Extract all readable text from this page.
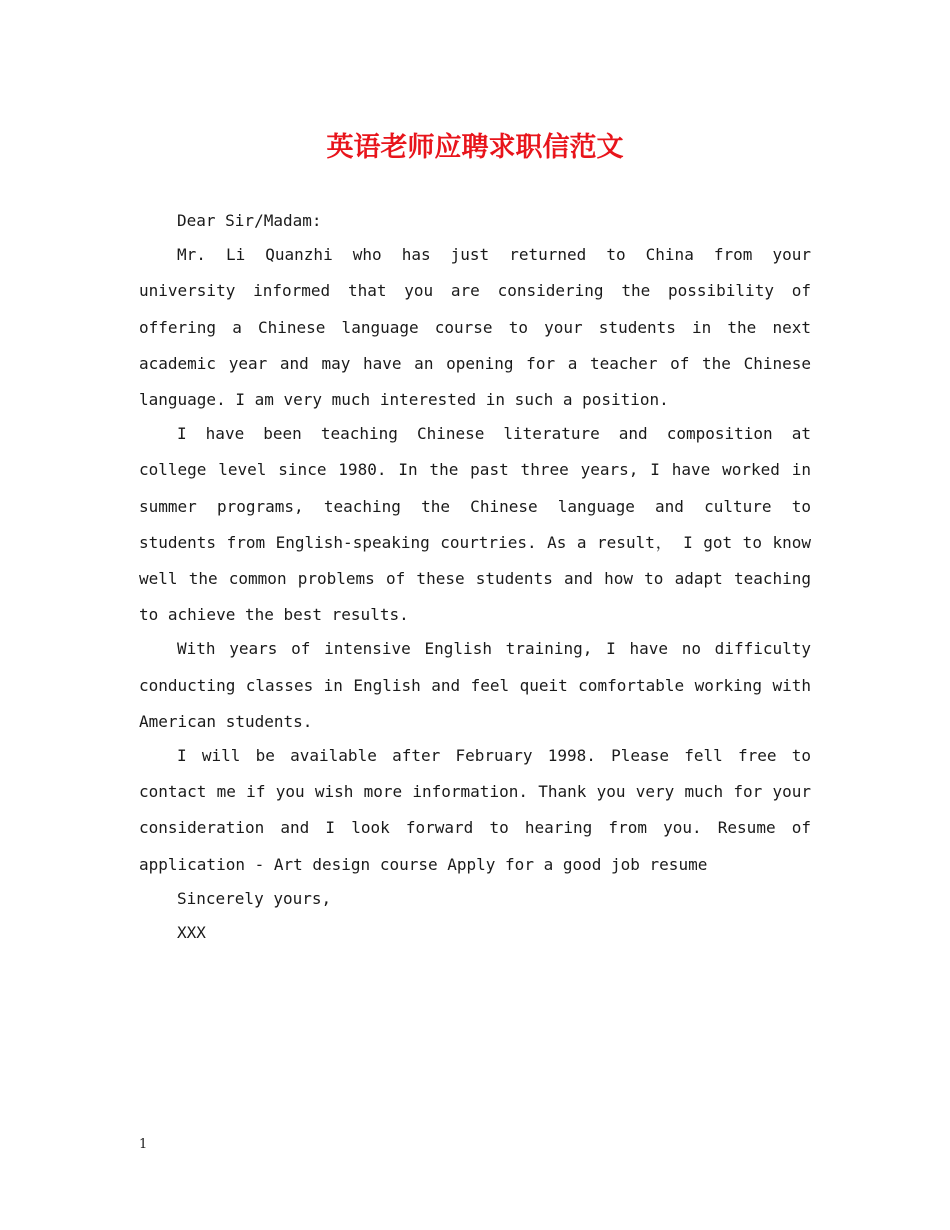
英语老师应聘求职信范文

Dear Sir/Madam:

Mr. Li Quanzhi who has just returned to China from your university informed that you are considering the possibility of offering a Chinese language course to your students in the next academic year and may have an opening for a teacher of the Chinese language. I am very much interested in such a position.

I have been teaching Chinese literature and composition at college level since 1980. In the past three years, I have worked in summer programs, teaching the Chinese language and culture to students from English-speaking courtries. As a result， I got to know well the common problems of these students and how to adapt teaching to achieve the best results.

With years of intensive English training, I have no difficulty conducting classes in English and feel queit comfortable working with American students.

I will be available after February 1998. Please fell free to contact me if you wish more information. Thank you very much for your consideration and I look forward to hearing from you. Resume of application - Art design course Apply for a good job resume

Sincerely yours,

XXX

1
